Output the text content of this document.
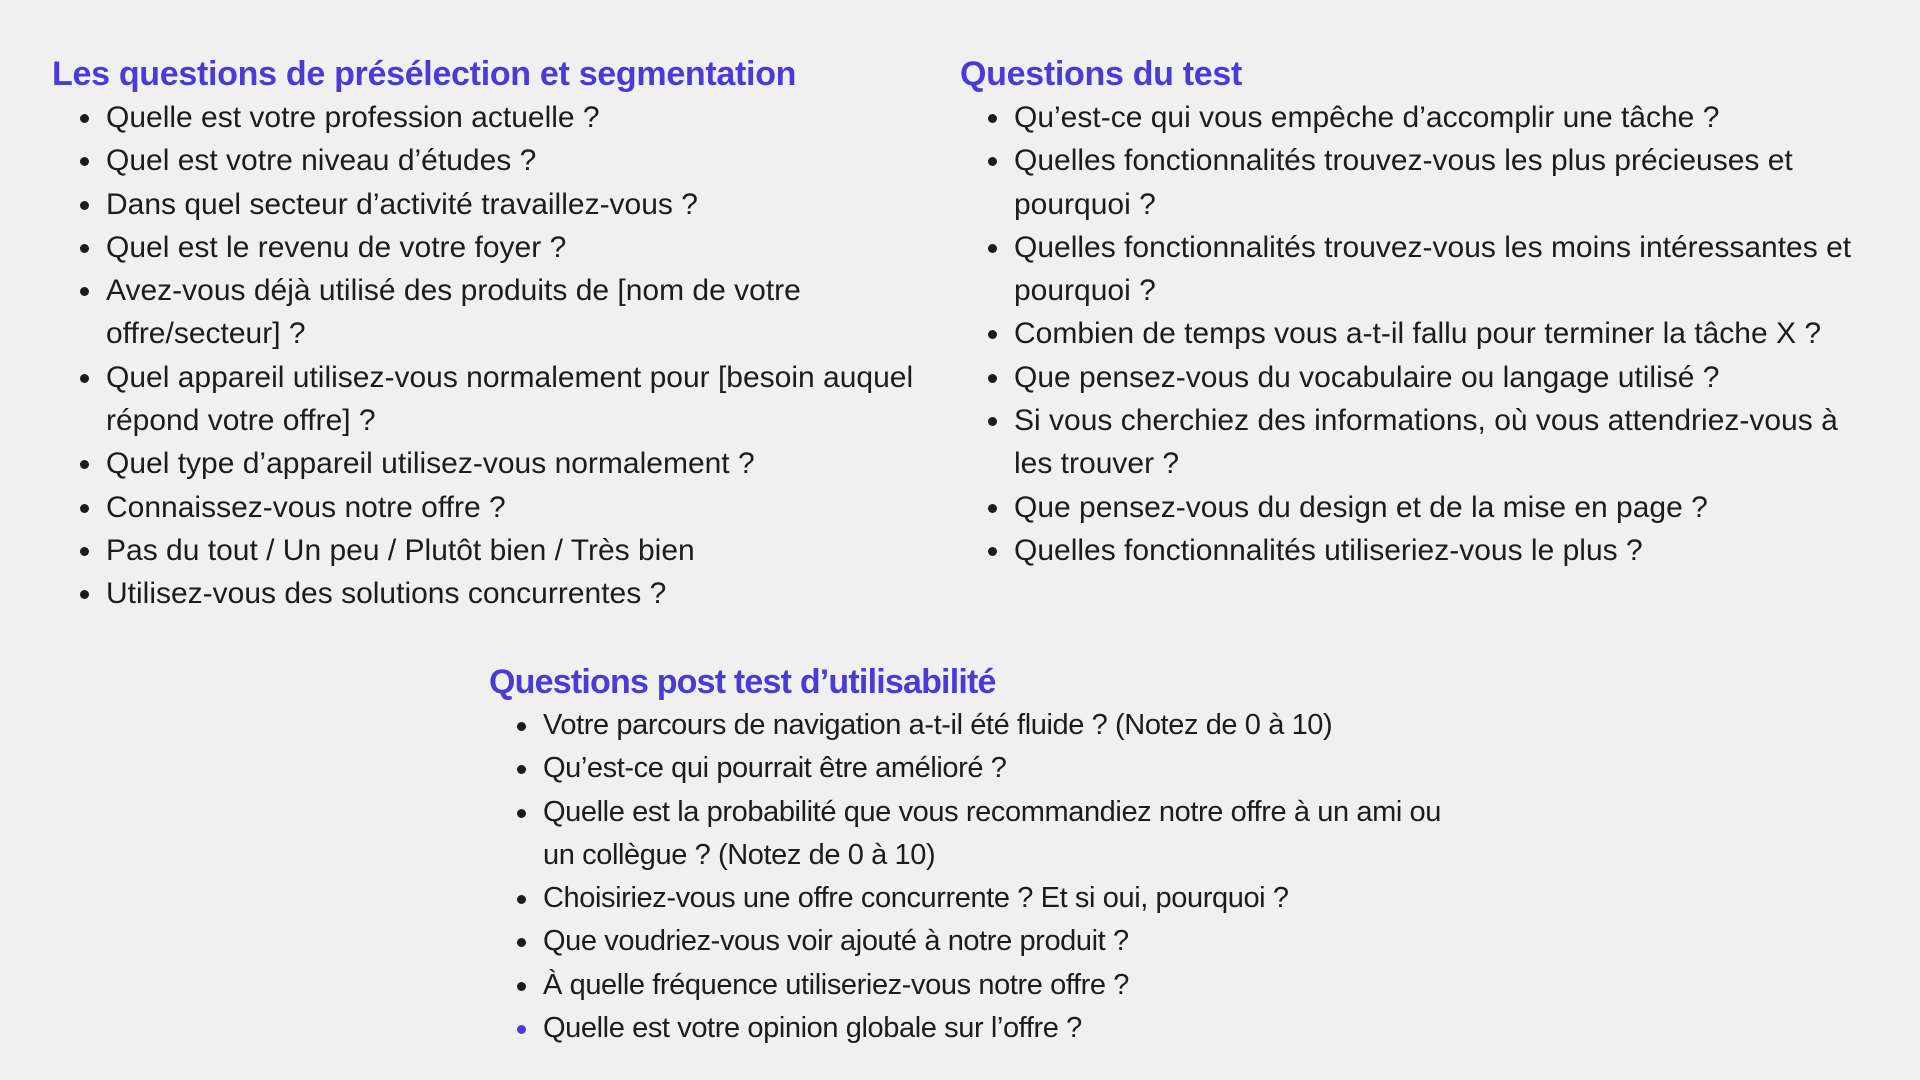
Les questions de présélection et segmentation
Quelle est votre profession actuelle ?
Quel est votre niveau d’études ?
Dans quel secteur d’activité travaillez-vous ?
Quel est le revenu de votre foyer ?
Avez-vous déjà utilisé des produits de [nom de votre offre/secteur] ?
Quel appareil utilisez-vous normalement pour [besoin auquel répond votre offre] ?
Quel type d’appareil utilisez-vous normalement ?
Connaissez-vous notre offre ?
Pas du tout / Un peu / Plutôt bien / Très bien
Utilisez-vous des solutions concurrentes ?
Questions du test
Qu’est-ce qui vous empêche d’accomplir une tâche ?
Quelles fonctionnalités trouvez-vous les plus précieuses et pourquoi ?
Quelles fonctionnalités trouvez-vous les moins intéressantes et pourquoi ?
Combien de temps vous a-t-il fallu pour terminer la tâche X ?
Que pensez-vous du vocabulaire ou langage utilisé ?
Si vous cherchiez des informations, où vous attendriez-vous à les trouver ?
Que pensez-vous du design et de la mise en page ?
Quelles fonctionnalités utiliseriez-vous le plus ?
Questions post test d’utilisabilité
Votre parcours de navigation a-t-il été fluide ? (Notez de 0 à 10)
Qu’est-ce qui pourrait être amélioré ?
Quelle est la probabilité que vous recommandiez notre offre à un ami ou un collègue ? (Notez de 0 à 10)
Choisiriez-vous une offre concurrente ? Et si oui, pourquoi ?
Que voudriez-vous voir ajouté à notre produit ?
À quelle fréquence utiliseriez-vous notre offre ?
Quelle est votre opinion globale sur l’offre ?
